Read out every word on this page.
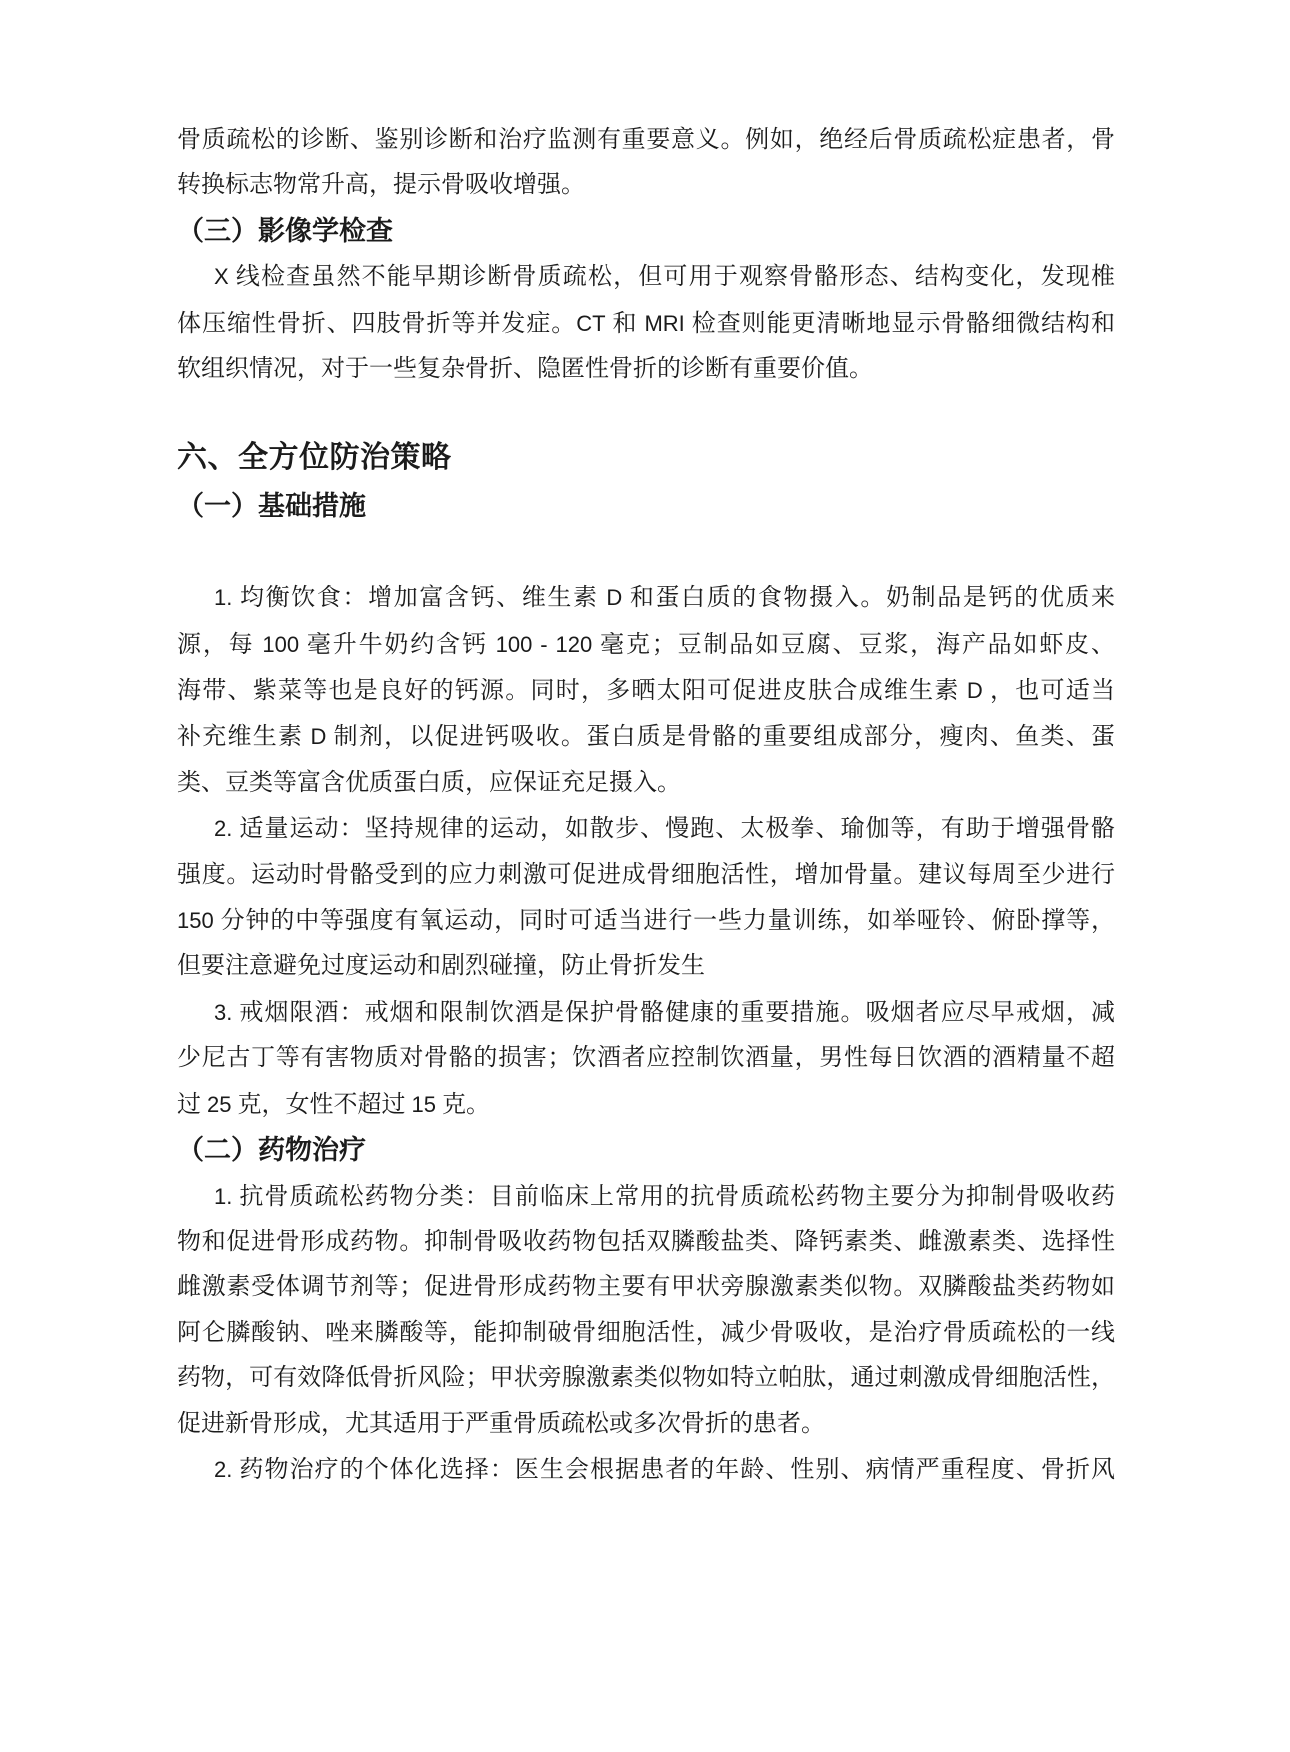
骨质疏松的诊断、鉴别诊断和治疗监测有重要意义。例如，绝经后骨质疏松症患者，骨
转换标志物常升高，提示骨吸收增强。
（三）影像学检查
X 线检查虽然不能早期诊断骨质疏松，但可用于观察骨骼形态、结构变化，发现椎
体压缩性骨折、四肢骨折等并发症。CT 和 MRI 检查则能更清晰地显示骨骼细微结构和
软组织情况，对于一些复杂骨折、隐匿性骨折的诊断有重要价值。
六、全方位防治策略
（一）基础措施
1. 均衡饮食：增加富含钙、维生素 D 和蛋白质的食物摄入。奶制品是钙的优质来
源，每 100 毫升牛奶约含钙 100 - 120 毫克；豆制品如豆腐、豆浆，海产品如虾皮、
海带、紫菜等也是良好的钙源。同时，多晒太阳可促进皮肤合成维生素 D ，也可适当
补充维生素 D 制剂，以促进钙吸收。蛋白质是骨骼的重要组成部分，瘦肉、鱼类、蛋
类、豆类等富含优质蛋白质，应保证充足摄入。
2. 适量运动：坚持规律的运动，如散步、慢跑、太极拳、瑜伽等，有助于增强骨骼
强度。运动时骨骼受到的应力刺激可促进成骨细胞活性，增加骨量。建议每周至少进行
150 分钟的中等强度有氧运动，同时可适当进行一些力量训练，如举哑铃、俯卧撑等，
但要注意避免过度运动和剧烈碰撞，防止骨折发生
3. 戒烟限酒：戒烟和限制饮酒是保护骨骼健康的重要措施。吸烟者应尽早戒烟，减
少尼古丁等有害物质对骨骼的损害；饮酒者应控制饮酒量，男性每日饮酒的酒精量不超
过 25 克，女性不超过 15 克。
（二）药物治疗
1. 抗骨质疏松药物分类：目前临床上常用的抗骨质疏松药物主要分为抑制骨吸收药
物和促进骨形成药物。抑制骨吸收药物包括双膦酸盐类、降钙素类、雌激素类、选择性
雌激素受体调节剂等；促进骨形成药物主要有甲状旁腺激素类似物。双膦酸盐类药物如
阿仑膦酸钠、唑来膦酸等，能抑制破骨细胞活性，减少骨吸收，是治疗骨质疏松的一线
药物，可有效降低骨折风险；甲状旁腺激素类似物如特立帕肽，通过刺激成骨细胞活性，
促进新骨形成，尤其适用于严重骨质疏松或多次骨折的患者。
2. 药物治疗的个体化选择：医生会根据患者的年龄、性别、病情严重程度、骨折风
